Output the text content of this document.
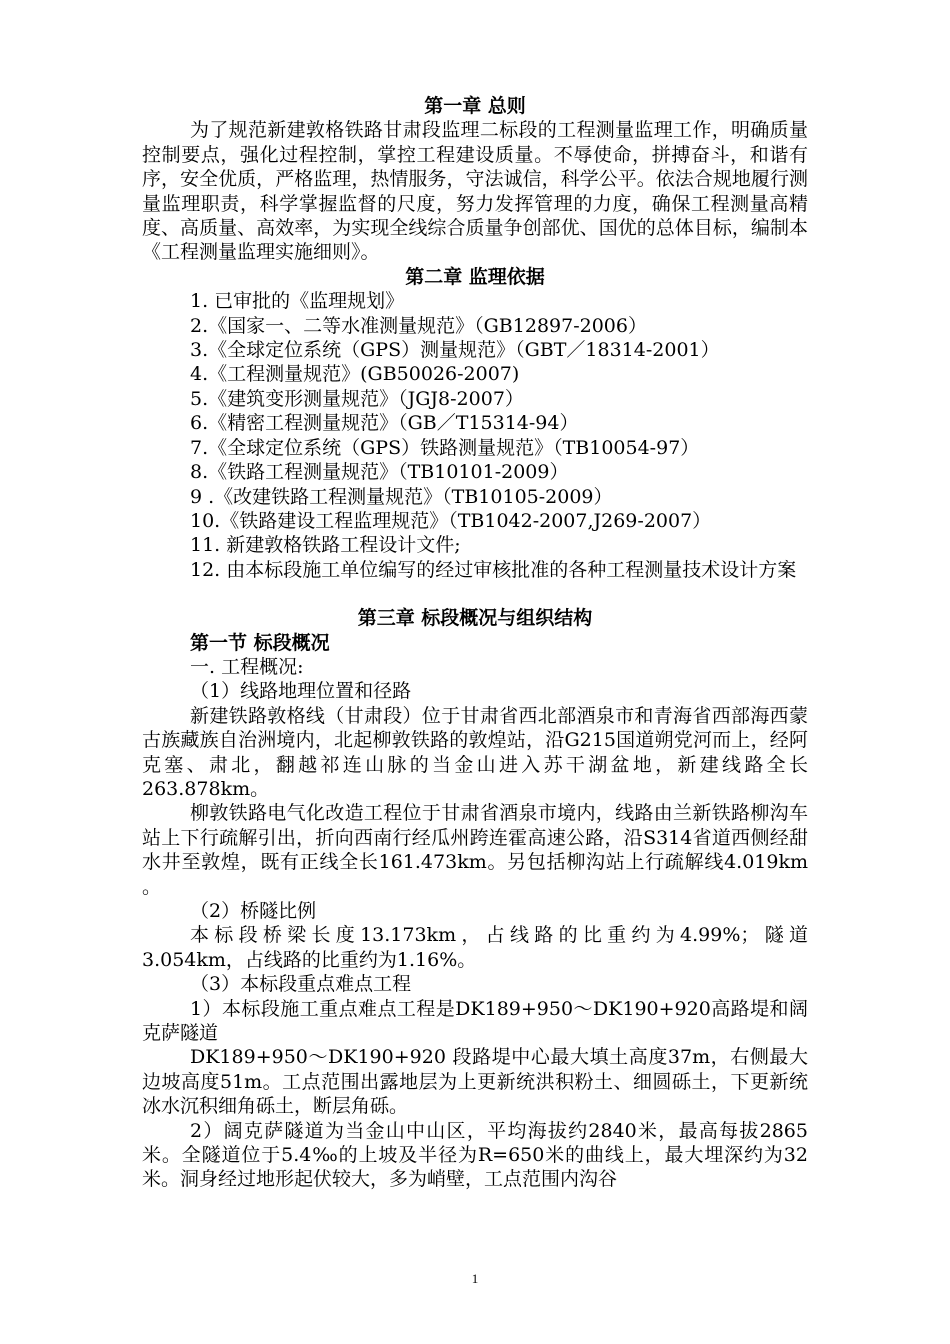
第一章 总则

为了规范新建敦格铁路甘肃段监理二标段的工程测量监理工作，明确质量控制要点，强化过程控制，掌控工程建设质量。不辱使命，拼搏奋斗，和谐有序，安全优质，严格监理，热情服务，守法诚信，科学公平。依法合规地履行测量监理职责，科学掌握监督的尺度，努力发挥管理的力度，确保工程测量高精度、高质量、高效率，为实现全线综合质量争创部优、国优的总体目标，编制本《工程测量监理实施细则》。

第二章 监理依据
1. 已审批的《监理规划》
2.《国家一、二等水准测量规范》（GB12897-2006）
3.《全球定位系统（GPS）测量规范》（GBT／18314-2001）
4.《工程测量规范》(GB50026-2007)
5.《建筑变形测量规范》（JGJ8-2007）
6.《精密工程测量规范》（GB／T15314-94）
7.《全球定位系统（GPS）铁路测量规范》（TB10054-97）
8.《铁路工程测量规范》（TB10101-2009）
9 .《改建铁路工程测量规范》（TB10105-2009）
10.《铁路建设工程监理规范》（TB1042-2007,J269-2007）
11. 新建敦格铁路工程设计文件;

12. 由本标段施工单位编写的经过审核批准的各种工程测量技术设计方案

第三章 标段概况与组织结构
第一节 标段概况

一. 工程概况:

（1）线路地理位置和径路

新建铁路敦格线（甘肃段）位于甘肃省西北部酒泉市和青海省西部海西蒙古族藏族自治洲境内，北起柳敦铁路的敦煌站，沿G215国道朔党河而上，经阿克塞、肃北，翻越祁连山脉的当金山进入苏干湖盆地，新建线路全长263.878km。

柳敦铁路电气化改造工程位于甘肃省酒泉市境内，线路由兰新铁路柳沟车站上下行疏解引出，折向西南行经瓜州跨连霍高速公路，沿S314省道西侧经甜水井至敦煌，既有正线全长161.473km。另包括柳沟站上行疏解线4.019km 。

（2）桥隧比例

本标段桥梁长度13.173km，占线路的比重约为4.99%；隧道3.054km，占线路的比重约为1.16%。

（3）本标段重点难点工程

1）本标段施工重点难点工程是DK189+950～DK190+920高路堤和阔克萨隧道

DK189+950～DK190+920 段路堤中心最大填土高度37m，右侧最大边坡高度51m。工点范围出露地层为上更新统洪积粉土、细圆砾土，下更新统冰水沉积细角砾土，断层角砾。

2）阔克萨隧道为当金山中山区，平均海拔约2840米，最高每拔2865米。全隧道位于5.4‰的上坡及半径为R=650米的曲线上，最大埋深约为32米。洞身经过地形起伏较大，多为峭壁，工点范围内沟谷

1
